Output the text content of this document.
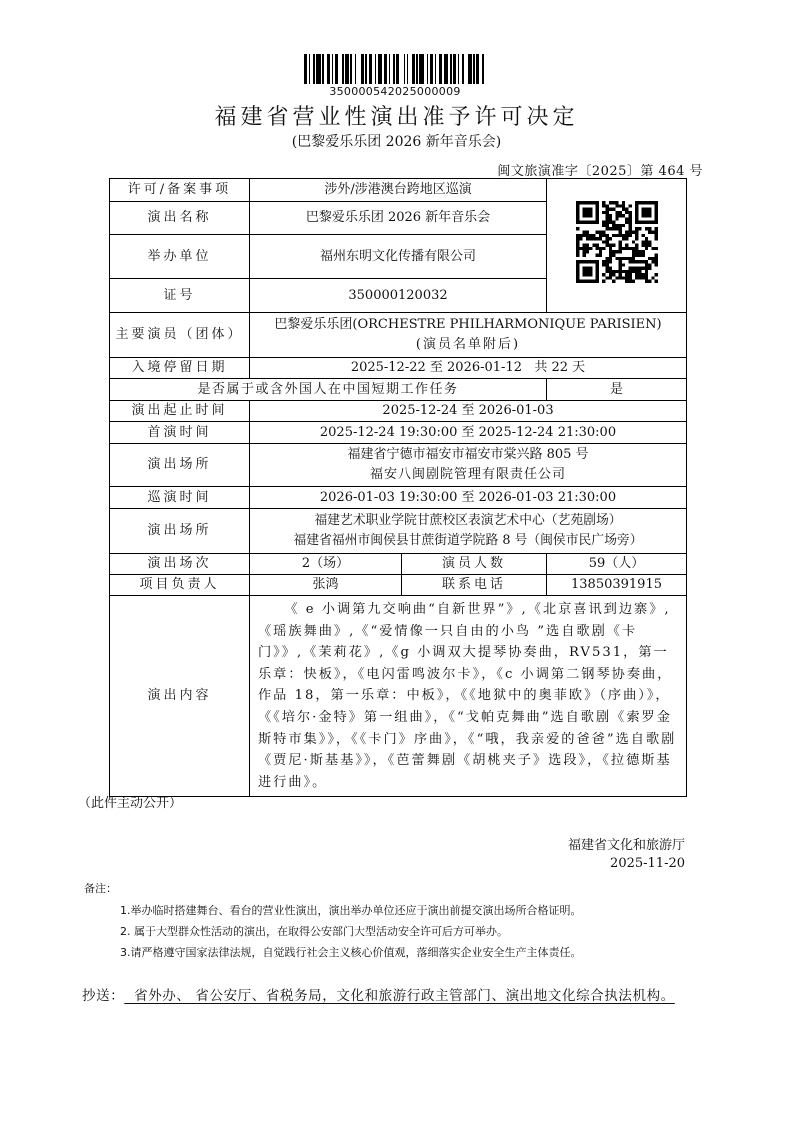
350000542025000009
福建省营业性演出准予许可决定
(巴黎爱乐乐团 2026 新年音乐会)
闽文旅演准字〔2025〕第 464 号
许可/备案事项	涉外/涉港澳台跨地区巡演	
演出名称	巴黎爱乐乐团 2026 新年音乐会		
举办单位	福州东明文化传播有限公司		
证号	350000120032		
主要演员（团体）	巴黎爱乐乐团(ORCHESTRE PHILHARMONIQUE PARISIEN)
(演员名单附后)		

入境停留日期	2025-12-22 至 2026-01-12   共 22 天		
是否属于或含外国人在中国短期工作任务			是
演出起止时间	2025-12-24 至 2026-01-03		
首演时间	2025-12-24 19:30:00 至 2025-12-24 21:30:00		
演出场所	福建省宁德市福安市福安市棠兴路 805 号
福安八闽剧院管理有限责任公司		

巡演时间	2026-01-03 19:30:00 至 2026-01-03 21:30:00		
演出场所	福建艺术职业学院甘蔗校区表演艺术中心（艺苑剧场）
福建省福州市闽侯县甘蔗街道学院路 8 号（闽侯市民广场旁）		

演出场次	2（场）	演员人数	59（人）
项目负责人	张鸿	联系电话	13850391915
演出内容	《 e 小调第九交响曲“自新世界”》,《北京喜讯到边寨》,《瑶族舞曲》,《“爱情像一只自由的小鸟 ”选自歌剧《卡门》》,《茉莉花》,《g 小调双大提琴协奏曲，RV531，第一乐章：快板》，《电闪雷鸣波尔卡》，《c 小调第二钢琴协奏曲，作品 18，第一乐章：中板》，《《地狱中的奥菲欧》（序曲）》，《《培尔·金特》第一组曲》，《“戈帕克舞曲”选自歌剧《索罗金斯特市集》》，《《卡门》序曲》，《“哦，我亲爱的爸爸”选自歌剧《贾尼·斯基基》》，《芭蕾舞剧《胡桃夹子》选段》，《拉德斯基进行曲》。		
（此件主动公开）
福建省文化和旅游厅
2025-11-20
备注：
1.举办临时搭建舞台、看台的营业性演出，演出举办单位还应于演出前提交演出场所合格证明。
2. 属于大型群众性活动的演出，在取得公安部门大型活动安全许可后方可举办。
3.请严格遵守国家法律法规，自觉践行社会主义核心价值观，落细落实企业安全生产主体责任。
抄送：  省外办、 省公安厅、省税务局，文化和旅游行政主管部门、演出地文化综合执法机构。
